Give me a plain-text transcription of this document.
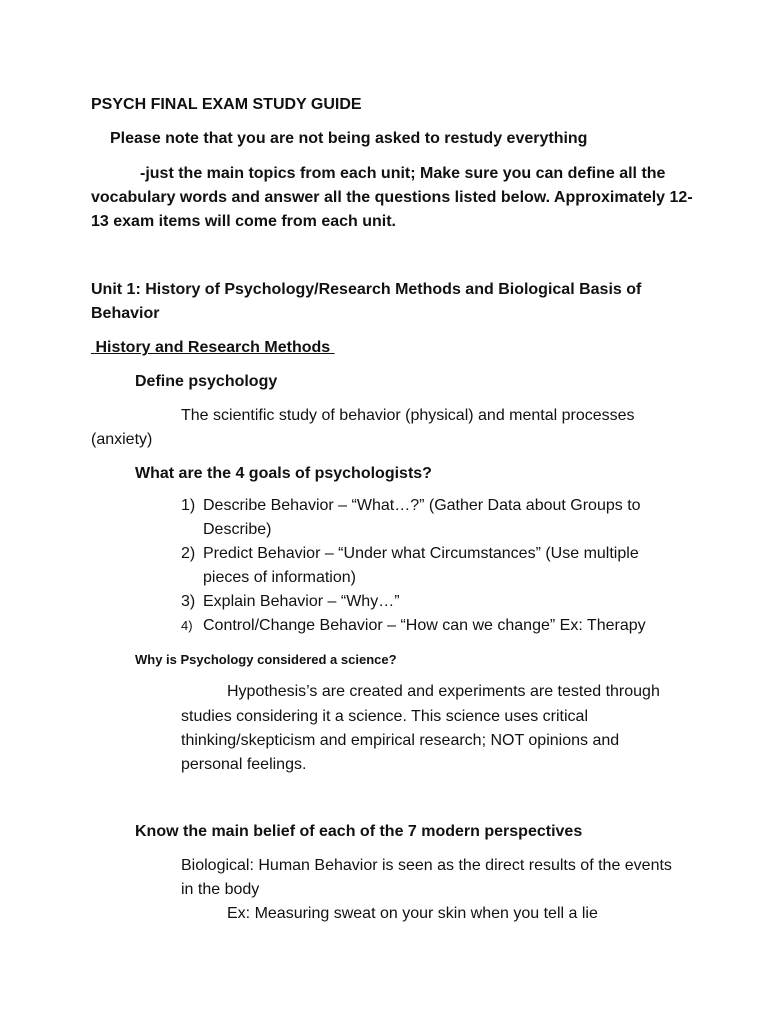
PSYCH FINAL EXAM STUDY GUIDE
Please note that you are not being asked to restudy everything
-just the main topics from each unit; Make sure you can define all the
vocabulary words and answer all the questions listed below. Approximately 12-
13 exam items will come from each unit.
Unit 1: History of Psychology/Research Methods and Biological Basis of
Behavior
History and Research Methods
Define psychology
The scientific study of behavior (physical) and mental processes
(anxiety)
What are the 4 goals of psychologists?
1) Describe Behavior – “What…?” (Gather Data about Groups to
Describe)
2) Predict Behavior – “Under what Circumstances” (Use multiple
pieces of information)
3) Explain Behavior – “Why…”
4) Control/Change Behavior – “How can we change” Ex: Therapy
Why is Psychology considered a science?
Hypothesis’s are created and experiments are tested through
studies considering it a science. This science uses critical
thinking/skepticism and empirical research; NOT opinions and
personal feelings.
Know the main belief of each of the 7 modern perspectives
Biological: Human Behavior is seen as the direct results of the events
in the body
Ex: Measuring sweat on your skin when you tell a lie
